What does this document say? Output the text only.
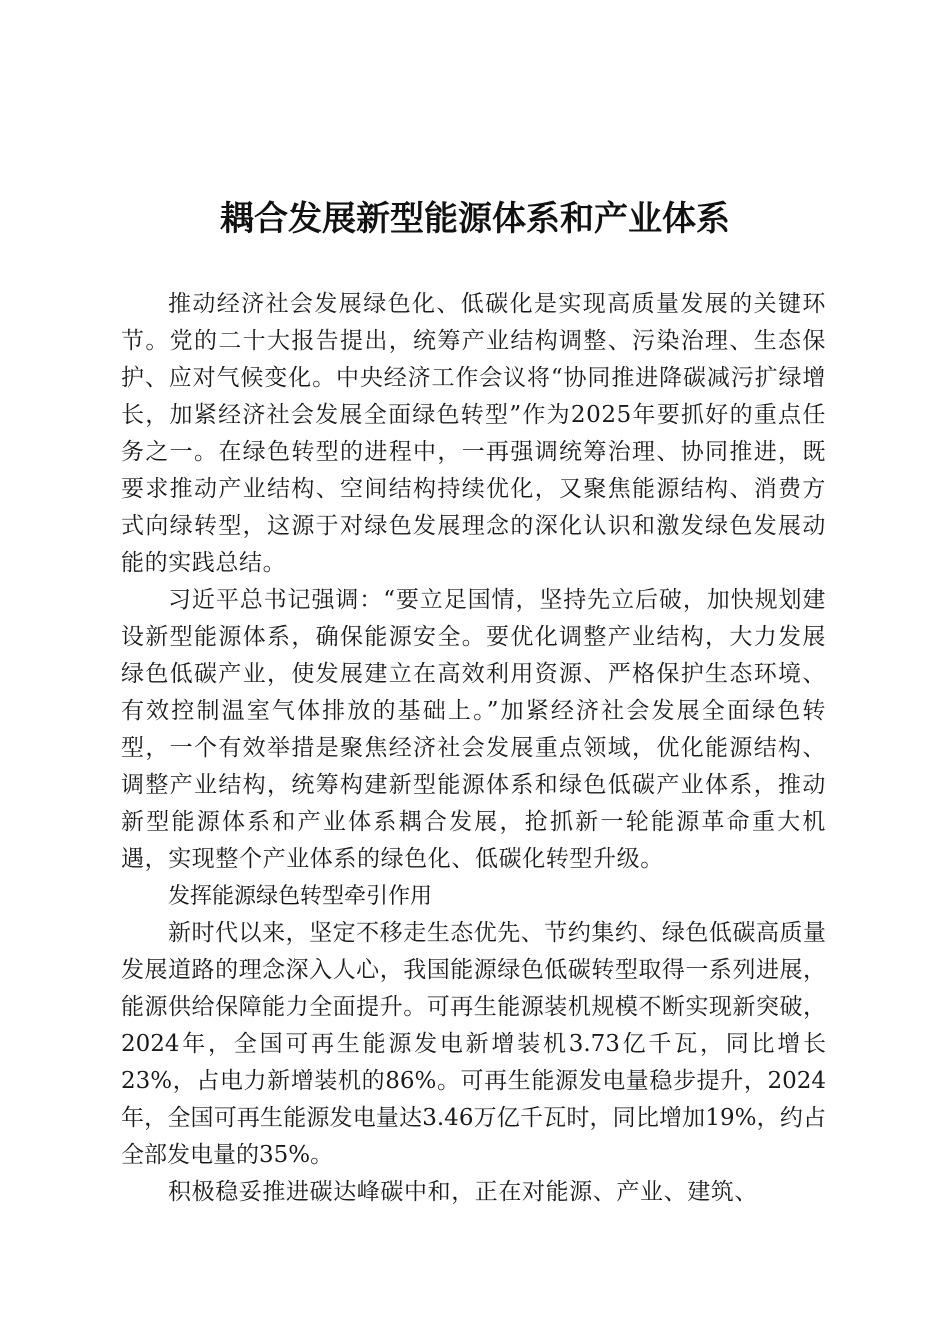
耦合发展新型能源体系和产业体系

推动经济社会发展绿色化、低碳化是实现高质量发展的关键环节。党的二十大报告提出，统筹产业结构调整、污染治理、生态保护、应对气候变化。中央经济工作会议将“协同推进降碳减污扩绿增长，加紧经济社会发展全面绿色转型”作为2025年要抓好的重点任务之一。在绿色转型的进程中，一再强调统筹治理、协同推进，既要求推动产业结构、空间结构持续优化，又聚焦能源结构、消费方式向绿转型，这源于对绿色发展理念的深化认识和激发绿色发展动能的实践总结。

习近平总书记强调：“要立足国情，坚持先立后破，加快规划建设新型能源体系，确保能源安全。要优化调整产业结构，大力发展绿色低碳产业，使发展建立在高效利用资源、严格保护生态环境、有效控制温室气体排放的基础上。”加紧经济社会发展全面绿色转型，一个有效举措是聚焦经济社会发展重点领域，优化能源结构、调整产业结构，统筹构建新型能源体系和绿色低碳产业体系，推动新型能源体系和产业体系耦合发展，抢抓新一轮能源革命重大机遇，实现整个产业体系的绿色化、低碳化转型升级。

发挥能源绿色转型牵引作用

新时代以来，坚定不移走生态优先、节约集约、绿色低碳高质量发展道路的理念深入人心，我国能源绿色低碳转型取得一系列进展，能源供给保障能力全面提升。可再生能源装机规模不断实现新突破，2024年，全国可再生能源发电新增装机3.73亿千瓦，同比增长23%，占电力新增装机的86%。可再生能源发电量稳步提升，2024年，全国可再生能源发电量达3.46万亿千瓦时，同比增加19%，约占全部发电量的35%。

积极稳妥推进碳达峰碳中和，正在对能源、产业、建筑、
